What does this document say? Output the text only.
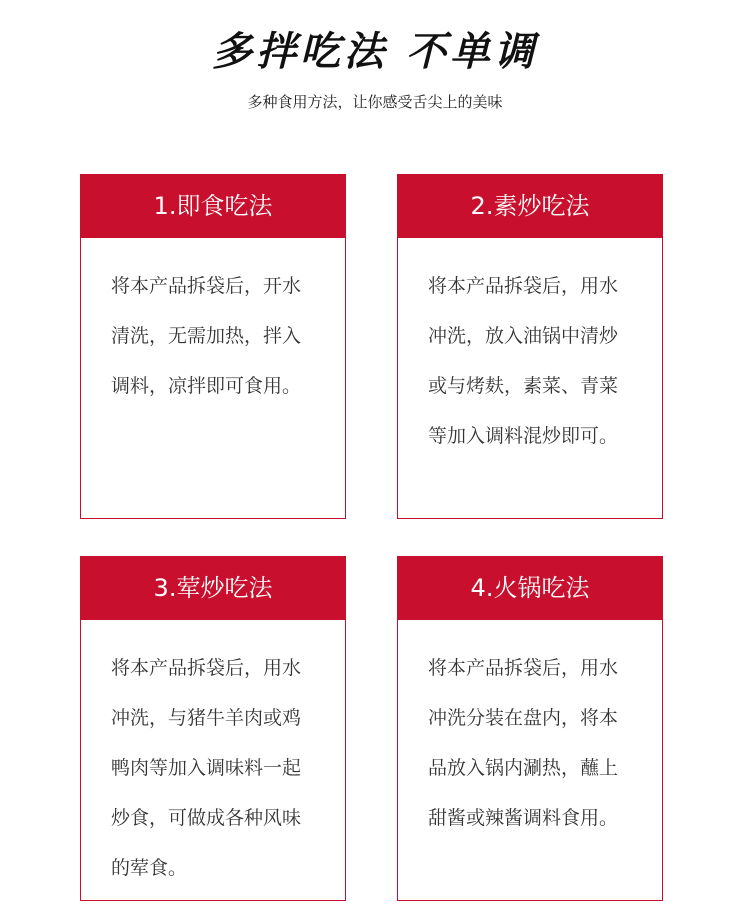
多拌吃法 不单调
多种食用方法，让你感受舌尖上的美味
1.即食吃法
将本产品拆袋后，开水清洗，无需加热，拌入调料，凉拌即可食用。
2.素炒吃法
将本产品拆袋后，用水冲洗，放入油锅中清炒或与烤麸，素菜、青菜等加入调料混炒即可。
3.荤炒吃法
将本产品拆袋后，用水冲洗，与猪牛羊肉或鸡鸭肉等加入调味料一起炒食，可做成各种风味的荤食。
4.火锅吃法
将本产品拆袋后，用水冲洗分装在盘内，将本品放入锅内涮热，蘸上甜酱或辣酱调料食用。
